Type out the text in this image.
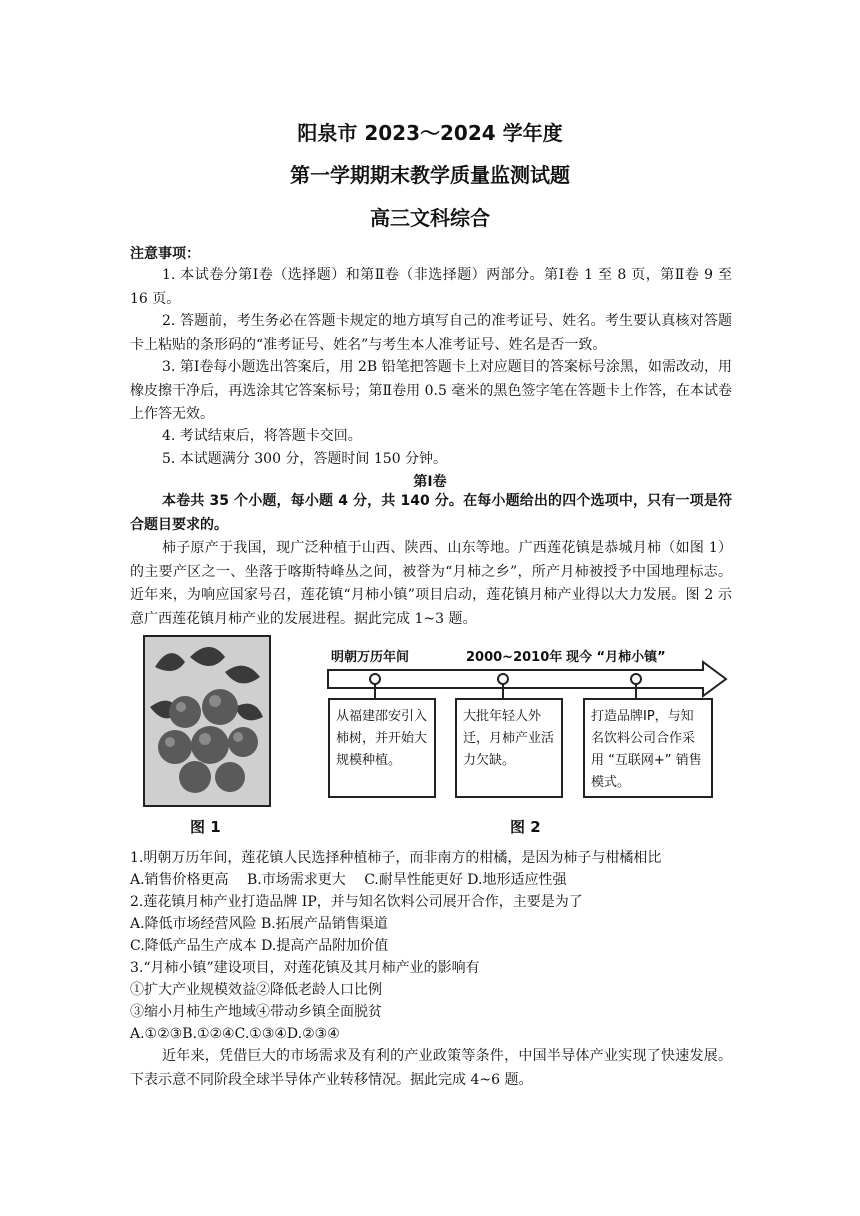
阳泉市 2023～2024 学年度
第一学期期末教学质量监测试题
高三文科综合
注意事项：
1. 本试卷分第Ⅰ卷（选择题）和第Ⅱ卷（非选择题）两部分。第Ⅰ卷 1 至 8 页，第Ⅱ卷 9 至 16 页。
2. 答题前，考生务必在答题卡规定的地方填写自己的准考证号、姓名。考生要认真核对答题卡上粘贴的条形码的“准考证号、姓名”与考生本人准考证号、姓名是否一致。
3. 第Ⅰ卷每小题选出答案后，用 2B 铅笔把答题卡上对应题目的答案标号涂黑，如需改动，用橡皮擦干净后，再选涂其它答案标号；第Ⅱ卷用 0.5 毫米的黑色签字笔在答题卡上作答，在本试卷上作答无效。
4. 考试结束后，将答题卡交回。
5. 本试题满分 300 分，答题时间 150 分钟。
第Ⅰ卷
本卷共 35 个小题，每小题 4 分，共 140 分。在每小题给出的四个选项中，只有一项是符合题目要求的。
柿子原产于我国，现广泛种植于山西、陕西、山东等地。广西莲花镇是恭城月柿（如图 1）的主要产区之一、坐落于喀斯特峰丛之间，被誉为“月柿之乡”，所产月柿被授予中国地理标志。近年来，为响应国家号召，莲花镇“月柿小镇”项目启动，莲花镇月柿产业得以大力发展。图 2 示意广西莲花镇月柿产业的发展进程。据此完成 1~3 题。
图 1
明朝万历年间	2000~2010年 现今 “月柿小镇”
从福建邵安引入柿树，并开始大规模种植。
大批年轻人外迁，月柿产业活力欠缺。
打造品牌IP，与知名饮料公司合作采用 “互联网+” 销售模式。
图 2
1.明朝万历年间，莲花镇人民选择种植柿子，而非南方的柑橘，是因为柿子与柑橘相比
A.销售价格更高　 B.市场需求更大　 C.耐旱性能更好 D.地形适应性强
2.莲花镇月柿产业打造品牌 IP，并与知名饮料公司展开合作，主要是为了
A.降低市场经营风险 B.拓展产品销售渠道
C.降低产品生产成本 D.提高产品附加价值
3.“月柿小镇”建设项目，对莲花镇及其月柿产业的影响有
①扩大产业规模效益②降低老龄人口比例
③缩小月柿生产地域④带动乡镇全面脱贫
A.①②③B.①②④C.①③④D.②③④
近年来，凭借巨大的市场需求及有利的产业政策等条件，中国半导体产业实现了快速发展。下表示意不同阶段全球半导体产业转移情况。据此完成 4~6 题。
